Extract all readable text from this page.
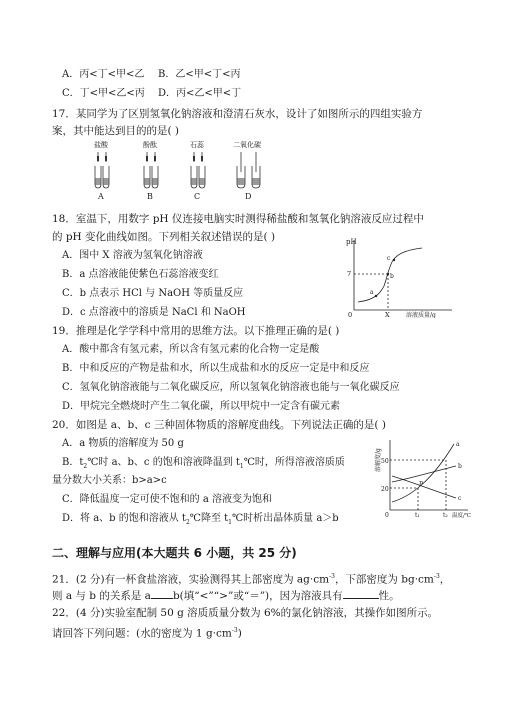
A．丙<丁<甲<乙 B．乙<甲<丁<丙
C．丁<甲<乙<丙 D．丙<乙<甲<丁
17．某同学为了区别氢氧化钠溶液和澄清石灰水，设计了如图所示的四组实验方
案，其中能达到目的的是( )
盐酸	酚酞	石蕊	二氧化碳
A	B	C	D
18．室温下，用数字 pH 仪连接电脑实时测得稀盐酸和氢氧化钠溶液反应过程中
的 pH 变化曲线如图。下列相关叙述错误的是( )
A．图中 X 溶液为氢氧化钠溶液
B．a 点溶液能使紫色石蕊溶液变红
C．b 点表示 HCl 与 NaOH 等质量反应
D．c 点溶液中的溶质是 NaCl 和 NaOH
pH
7
0	X	溶液质量/g
a
b
c
19．推理是化学学科中常用的思维方法。以下推理正确的是( )
A．酸中都含有氢元素，所以含有氢元素的化合物一定是酸
B．中和反应的产物是盐和水，所以生成盐和水的反应一定是中和反应
C．氢氧化钠溶液能与二氧化碳反应，所以氢氧化钠溶液也能与一氧化碳反应
D．甲烷完全燃烧时产生二氧化碳，所以甲烷中一定含有碳元素
20．如图是 a、b、c 三种固体物质的溶解度曲线。下列说法正确的是( )
A．a 物质的溶解度为 50 g
B．$t_2℃$时 a、b、c 的饱和溶液降温到 $t_1℃$时，所得溶液溶质质
量分数大小关系：b>a>c
C．降低温度一定可使不饱和的 a 溶液变为饱和
D．将 a、b 的饱和溶液从 $t_2℃$降至 $t_1℃$时析出晶体质量 a＞b
溶解度/g 50
20
0	t₁	t₂ 温度/℃
a
b
c
P
二、理解与应用(本大题共 6 小题，共 25 分)
21．(2 分)有一杯食盐溶液，实验测得其上部密度为 $ag\cdot cm^{-3}$，下部密度为 $bg\cdot cm^{-3}$，
则 a 与 b 的关系是 a b(填“<”“>”或“＝”)，因为溶液具有	性。
22．(4 分)实验室配制 50 g 溶质质量分数为 6%的氯化钠溶液，其操作如图所示。
请回答下列问题：(水的密度为 1 $g\cdot cm^{-3}$)
